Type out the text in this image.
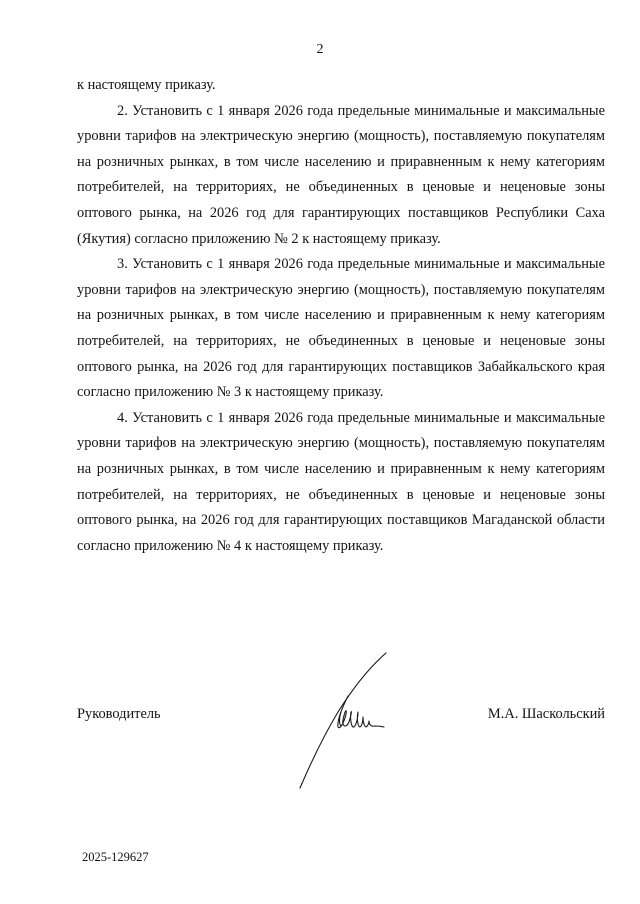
2

к настоящему приказу.

2. Установить с 1 января 2026 года предельные минимальные и максимальные уровни тарифов на электрическую энергию (мощность), поставляемую покупателям на розничных рынках, в том числе населению и приравненным к нему категориям потребителей, на территориях, не объединенных в ценовые и неценовые зоны оптового рынка, на 2026 год для гарантирующих поставщиков Республики Саха (Якутия) согласно приложению № 2 к настоящему приказу.

3. Установить с 1 января 2026 года предельные минимальные и максимальные уровни тарифов на электрическую энергию (мощность), поставляемую покупателям на розничных рынках, в том числе населению и приравненным к нему категориям потребителей, на территориях, не объединенных в ценовые и неценовые зоны оптового рынка, на 2026 год для гарантирующих поставщиков Забайкальского края согласно приложению № 3 к настоящему приказу.

4. Установить с 1 января 2026 года предельные минимальные и максимальные уровни тарифов на электрическую энергию (мощность), поставляемую покупателям на розничных рынках, в том числе населению и приравненным к нему категориям потребителей, на территориях, не объединенных в ценовые и неценовые зоны оптового рынка, на 2026 год для гарантирующих поставщиков Магаданской области согласно приложению № 4 к настоящему приказу.

Руководитель	М.А. Шаскольский
2025-129627
